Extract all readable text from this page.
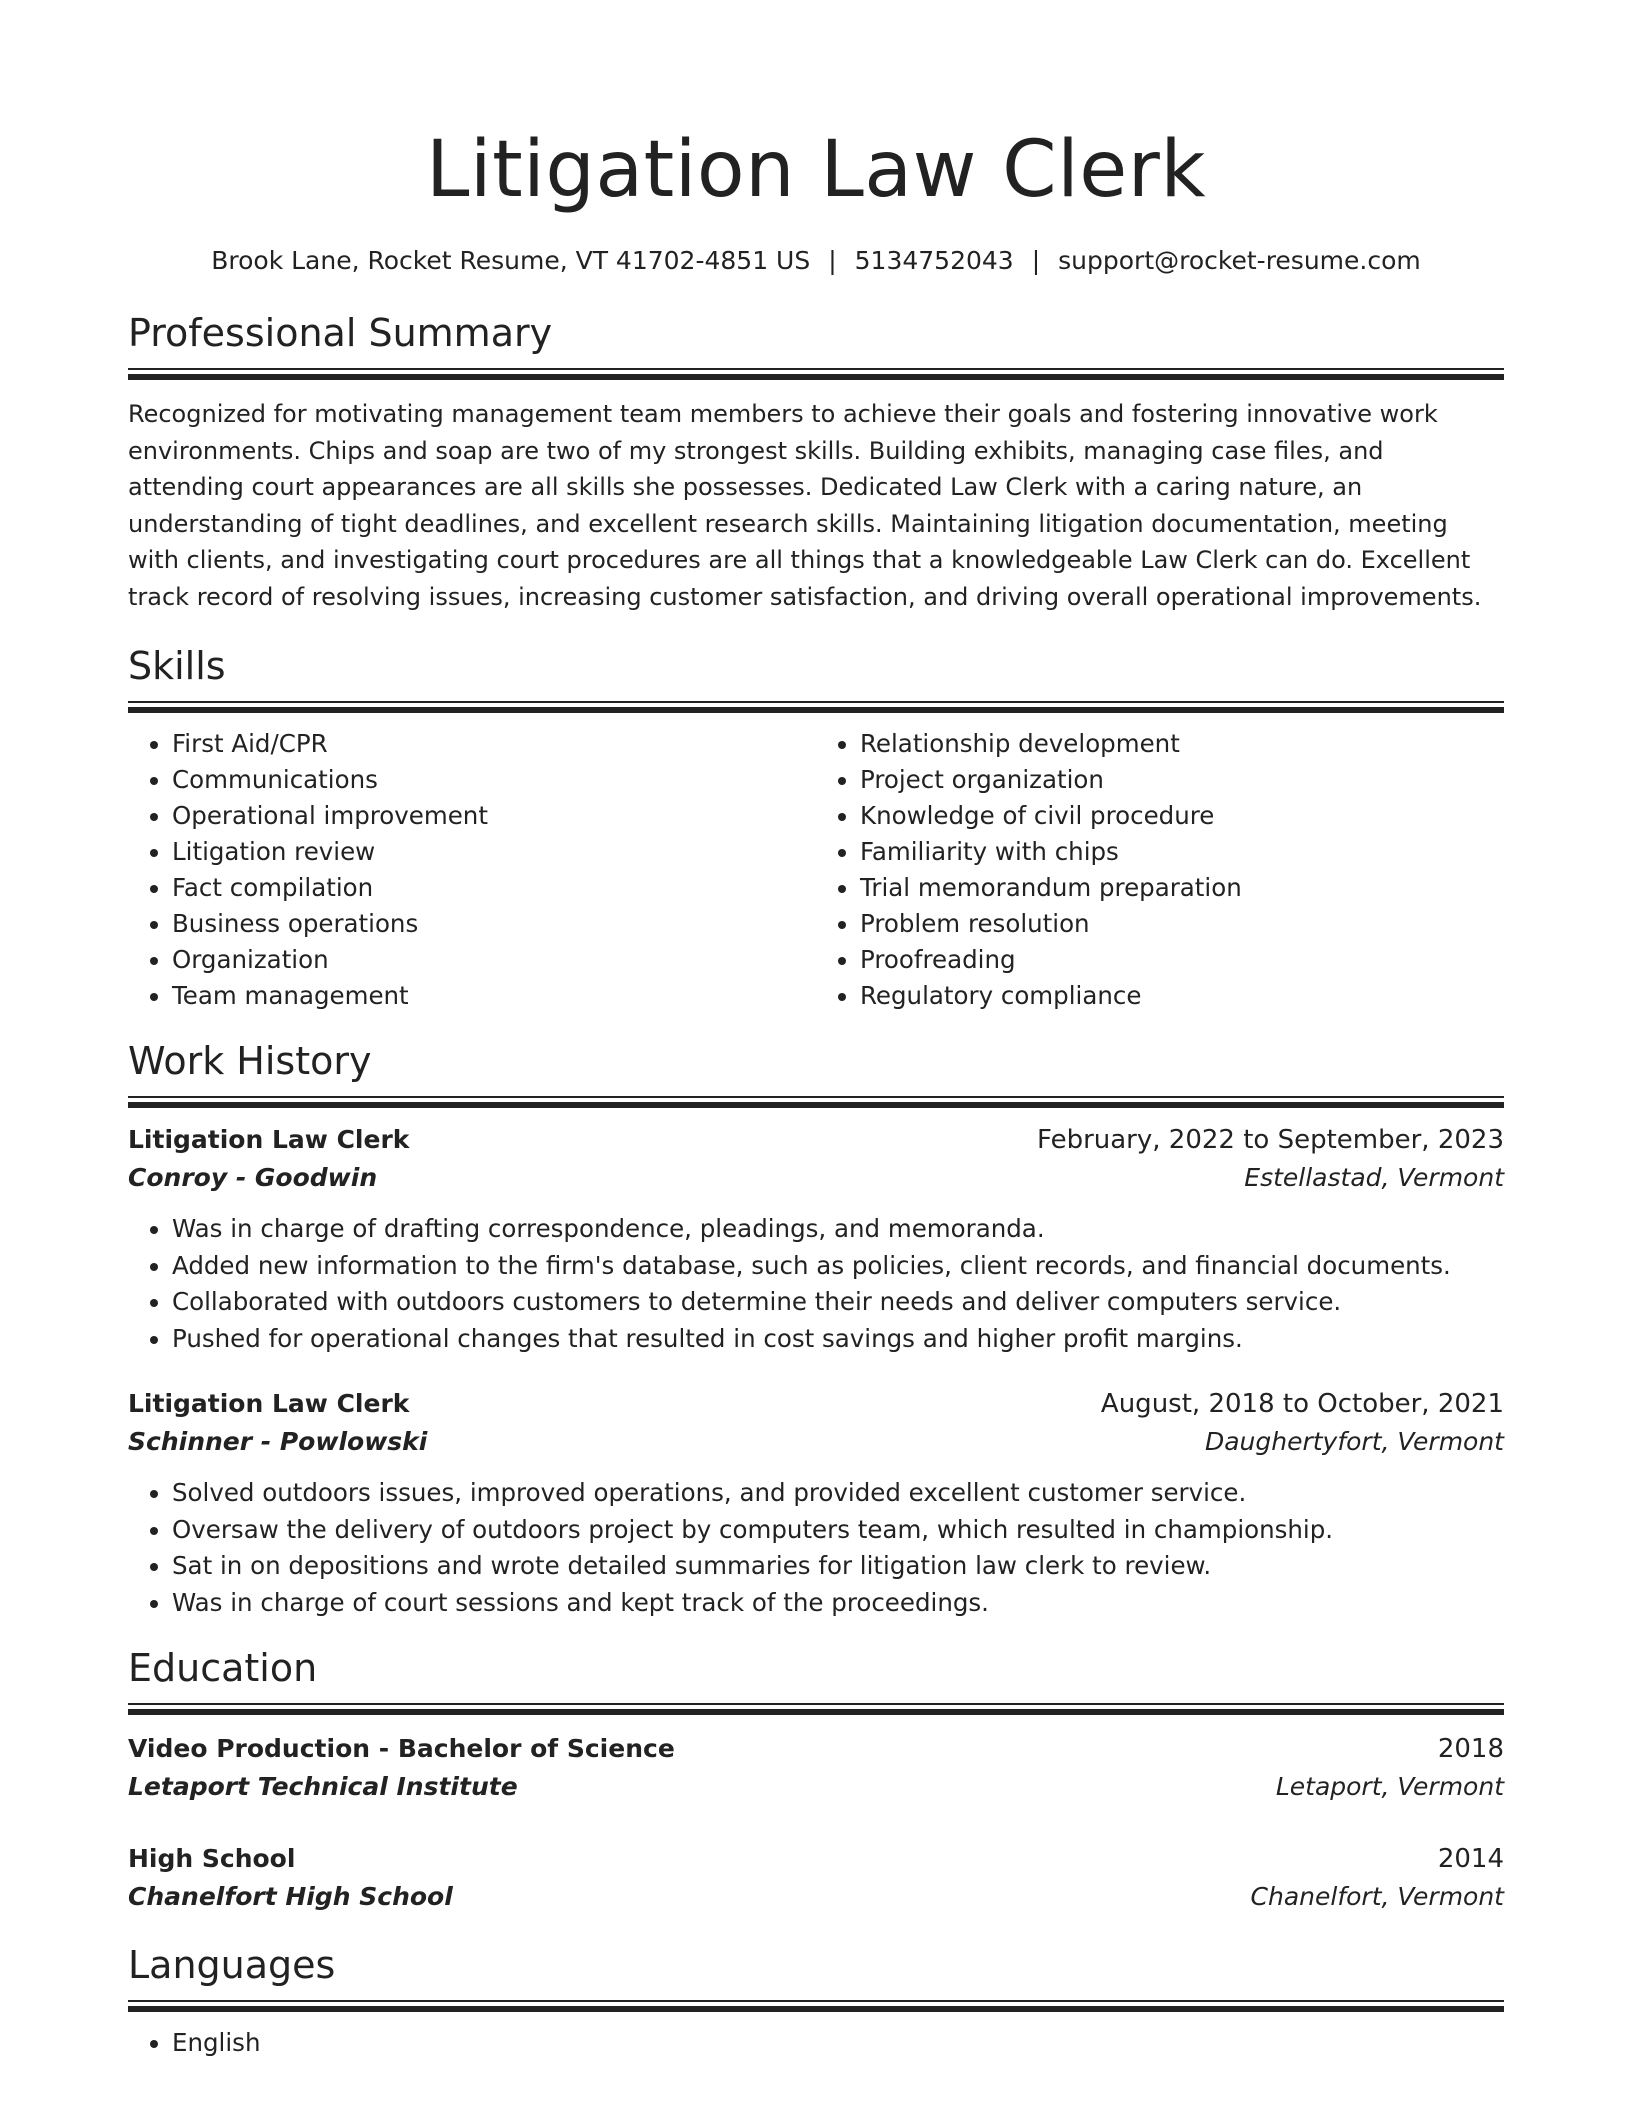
Litigation Law Clerk
Brook Lane, Rocket Resume, VT 41702-4851 US | 5134752043 | support@rocket-resume.com
Professional Summary

Recognized for motivating management team members to achieve their goals and fostering innovative work environments. Chips and soap are two of my strongest skills. Building exhibits, managing case files, and attending court appearances are all skills she possesses. Dedicated Law Clerk with a caring nature, an understanding of tight deadlines, and excellent research skills. Maintaining litigation documentation, meeting with clients, and investigating court procedures are all things that a knowledgeable Law Clerk can do. Excellent track record of resolving issues, increasing customer satisfaction, and driving overall operational improvements.

Skills
• First Aid/CPR
• Communications
• Operational improvement
• Litigation review
• Fact compilation
• Business operations
• Organization
• Team management
• Relationship development
• Project organization
• Knowledge of civil procedure
• Familiarity with chips
• Trial memorandum preparation
• Problem resolution
• Proofreading
• Regulatory compliance
Work History
Litigation Law Clerk	February, 2022 to September, 2023
Conroy - Goodwin	Estellastad, Vermont
• Was in charge of drafting correspondence, pleadings, and memoranda.
• Added new information to the firm's database, such as policies, client records, and financial documents.
• Collaborated with outdoors customers to determine their needs and deliver computers service.
• Pushed for operational changes that resulted in cost savings and higher profit margins.
Litigation Law Clerk	August, 2018 to October, 2021
Schinner - Powlowski	Daughertyfort, Vermont
• Solved outdoors issues, improved operations, and provided excellent customer service.
• Oversaw the delivery of outdoors project by computers team, which resulted in championship.
• Sat in on depositions and wrote detailed summaries for litigation law clerk to review.
• Was in charge of court sessions and kept track of the proceedings.
Education
Video Production - Bachelor of Science	2018
Letaport Technical Institute	Letaport, Vermont
High School	2014
Chanelfort High School	Chanelfort, Vermont
Languages
• English
